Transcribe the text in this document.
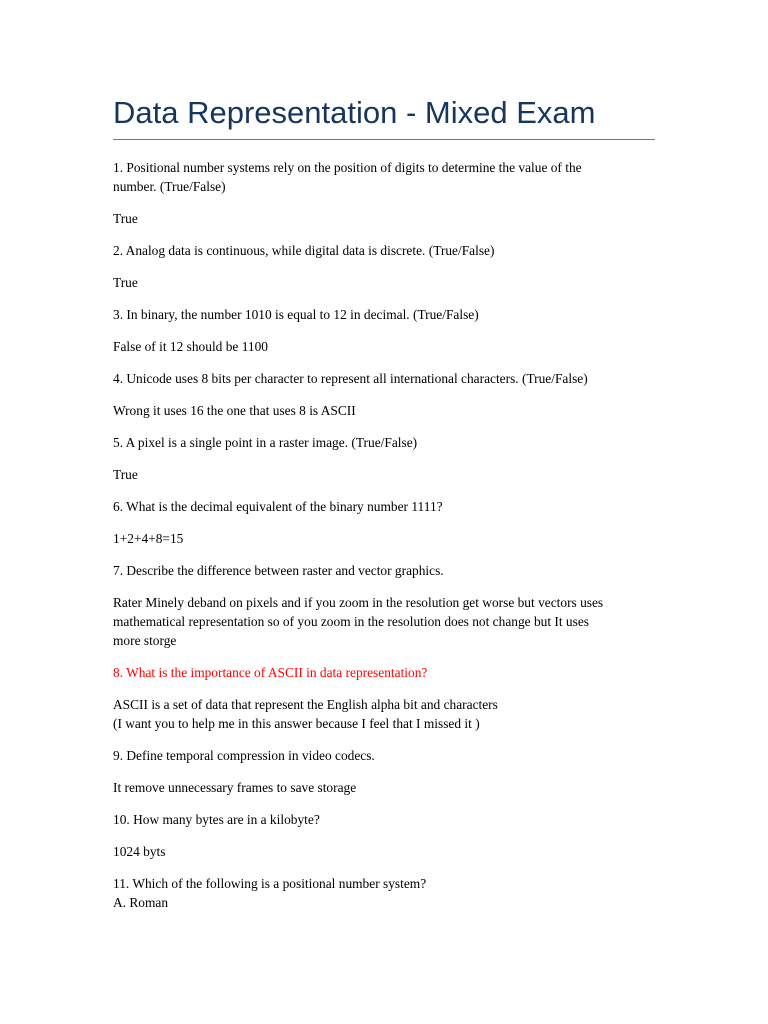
Data Representation - Mixed Exam

1. Positional number systems rely on the position of digits to determine the value of the
number. (True/False)

True

2. Analog data is continuous, while digital data is discrete. (True/False)

True

3. In binary, the number 1010 is equal to 12 in decimal. (True/False)

False of it 12 should be 1100

4. Unicode uses 8 bits per character to represent all international characters. (True/False)

Wrong it uses 16 the one that uses 8 is ASCII

5. A pixel is a single point in a raster image. (True/False)

True

6. What is the decimal equivalent of the binary number 1111?

1+2+4+8=15

7. Describe the difference between raster and vector graphics.

Rater Minely deband on pixels and if you zoom in the resolution get worse but vectors uses
mathematical representation so of you zoom in the resolution does not change but It uses
more storge

8. What is the importance of ASCII in data representation?

ASCII is a set of data that represent the English alpha bit and characters
(I want you to help me in this answer because I feel that I missed it )

9. Define temporal compression in video codecs.

It remove unnecessary frames to save storage

10. How many bytes are in a kilobyte?

1024 byts

11. Which of the following is a positional number system?
A. Roman
